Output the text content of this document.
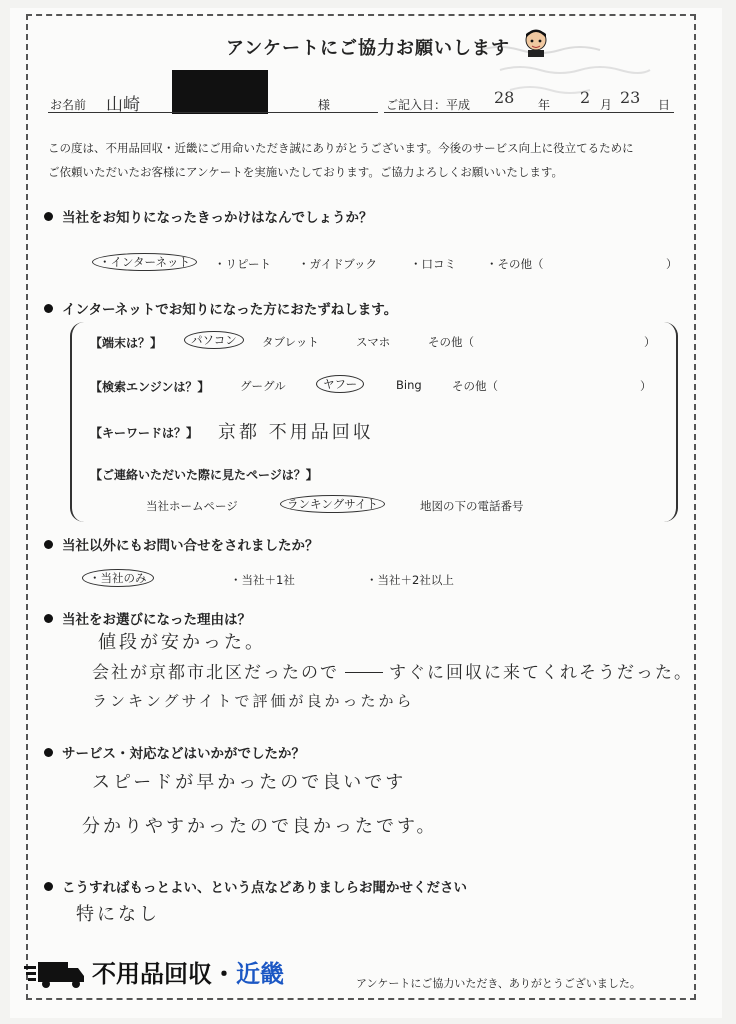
アンケートにご協力お願いします
お名前 山崎	様	ご記入日：平成 28 年 2 月 23 日
この度は、不用品回収・近畿にご用命いただき誠にありがとうございます。今後のサービス向上に役立てるために
ご依頼いただいたお客様にアンケートを実施いたしております。ご協力よろしくお願いいたします。
当社をお知りになったきっかけはなんでしょうか？
・インターネット	・リピート ・ガイドブック	・口コミ	・その他（	）
インターネットでお知りになった方におたずねします。
【端末は？】	パソコン	タブレット	スマホ	その他（	）
【検索エンジンは？】	グーグル	ヤフー	Bing	その他（	）
【キーワードは？】 京都 不用品回収
【ご連絡いただいた際に見たページは？】
当社ホームページ	ランキングサイト	地図の下の電話番号
当社以外にもお問い合せをされましたか？
・当社のみ	・当社＋1社	・当社＋2社以上
当社をお選びになった理由は？
値段が安かった。
会社が京都市北区だったので　　	すぐに回収に来てくれそうだった。
ランキングサイトで評価が良かったから
サービス・対応などはいかがでしたか？
スピードが早かったので良いです
分かりやすかったので良かったです。
こうすればもっとよい、という点などありましらお聞かせください
特になし
不用品回収・近畿	アンケートにご協力いただき、ありがとうございました。
